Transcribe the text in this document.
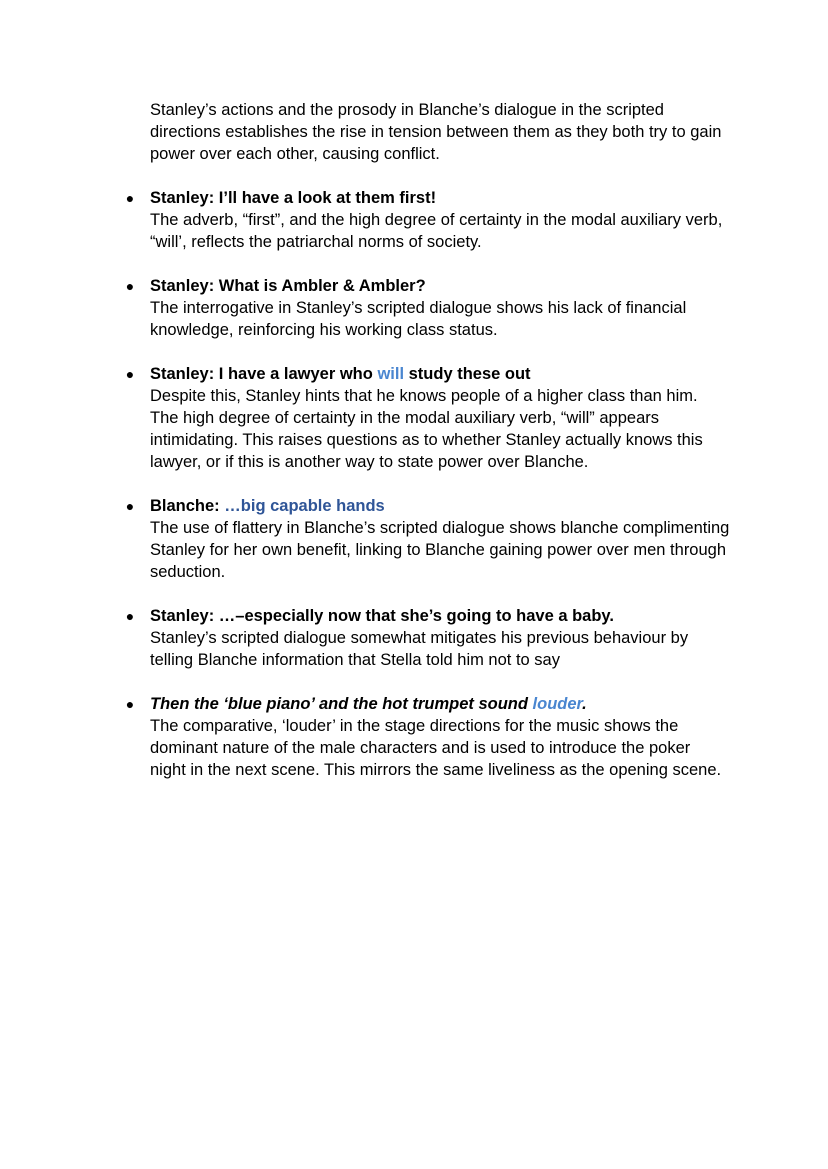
Stanley’s actions and the prosody in Blanche’s dialogue in the scripted directions establishes the rise in tension between them as they both try to gain power over each other, causing conflict.

● Stanley: I’ll have a look at them first!
The adverb, “first”, and the high degree of certainty in the modal auxiliary verb, “will’, reflects the patriarchal norms of society.
● Stanley: What is Ambler & Ambler?
The interrogative in Stanley’s scripted dialogue shows his lack of financial knowledge, reinforcing his working class status.
● Stanley: I have a lawyer who will study these out
Despite this, Stanley hints that he knows people of a higher class than him. The high degree of certainty in the modal auxiliary verb, “will” appears intimidating. This raises questions as to whether Stanley actually knows this lawyer, or if this is another way to state power over Blanche.
● Blanche: …big capable hands
The use of flattery in Blanche’s scripted dialogue shows blanche complimenting Stanley for her own benefit, linking to Blanche gaining power over men through seduction.
● Stanley: …–especially now that she’s going to have a baby.
Stanley’s scripted dialogue somewhat mitigates his previous behaviour by telling Blanche information that Stella told him not to say
● Then the ‘blue piano’ and the hot trumpet sound louder.
The comparative, ‘louder’ in the stage directions for the music shows the dominant nature of the male characters and is used to introduce the poker night in the next scene. This mirrors the same liveliness as the opening scene.
